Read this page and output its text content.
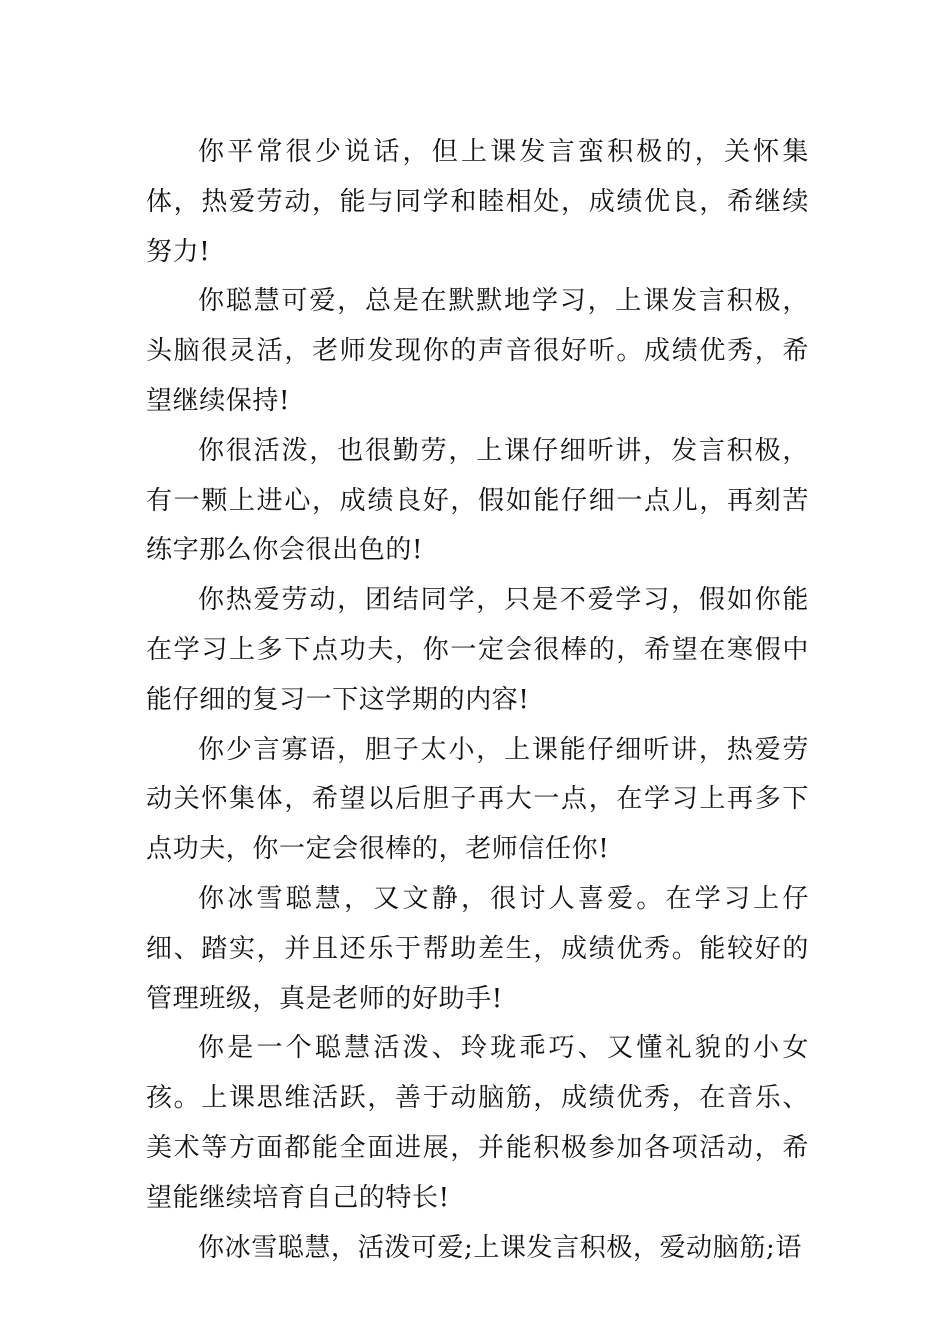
你平常很少说话，但上课发言蛮积极的，关怀集体，热爱劳动，能与同学和睦相处，成绩优良，希继续努力!

你聪慧可爱，总是在默默地学习，上课发言积极，头脑很灵活，老师发现你的声音很好听。成绩优秀，希望继续保持!

你很活泼，也很勤劳，上课仔细听讲，发言积极，有一颗上进心，成绩良好，假如能仔细一点儿，再刻苦练字那么你会很出色的!

你热爱劳动，团结同学，只是不爱学习，假如你能在学习上多下点功夫，你一定会很棒的，希望在寒假中能仔细的复习一下这学期的内容!

你少言寡语，胆子太小，上课能仔细听讲，热爱劳动关怀集体，希望以后胆子再大一点，在学习上再多下点功夫，你一定会很棒的，老师信任你!

你冰雪聪慧，又文静，很讨人喜爱。在学习上仔细、踏实，并且还乐于帮助差生，成绩优秀。能较好的管理班级，真是老师的好助手!

你是一个聪慧活泼、玲珑乖巧、又懂礼貌的小女孩。上课思维活跃，善于动脑筋，成绩优秀，在音乐、美术等方面都能全面进展，并能积极参加各项活动，希望能继续培育自己的特长!

你冰雪聪慧，活泼可爱;上课发言积极，爱动脑筋;语
